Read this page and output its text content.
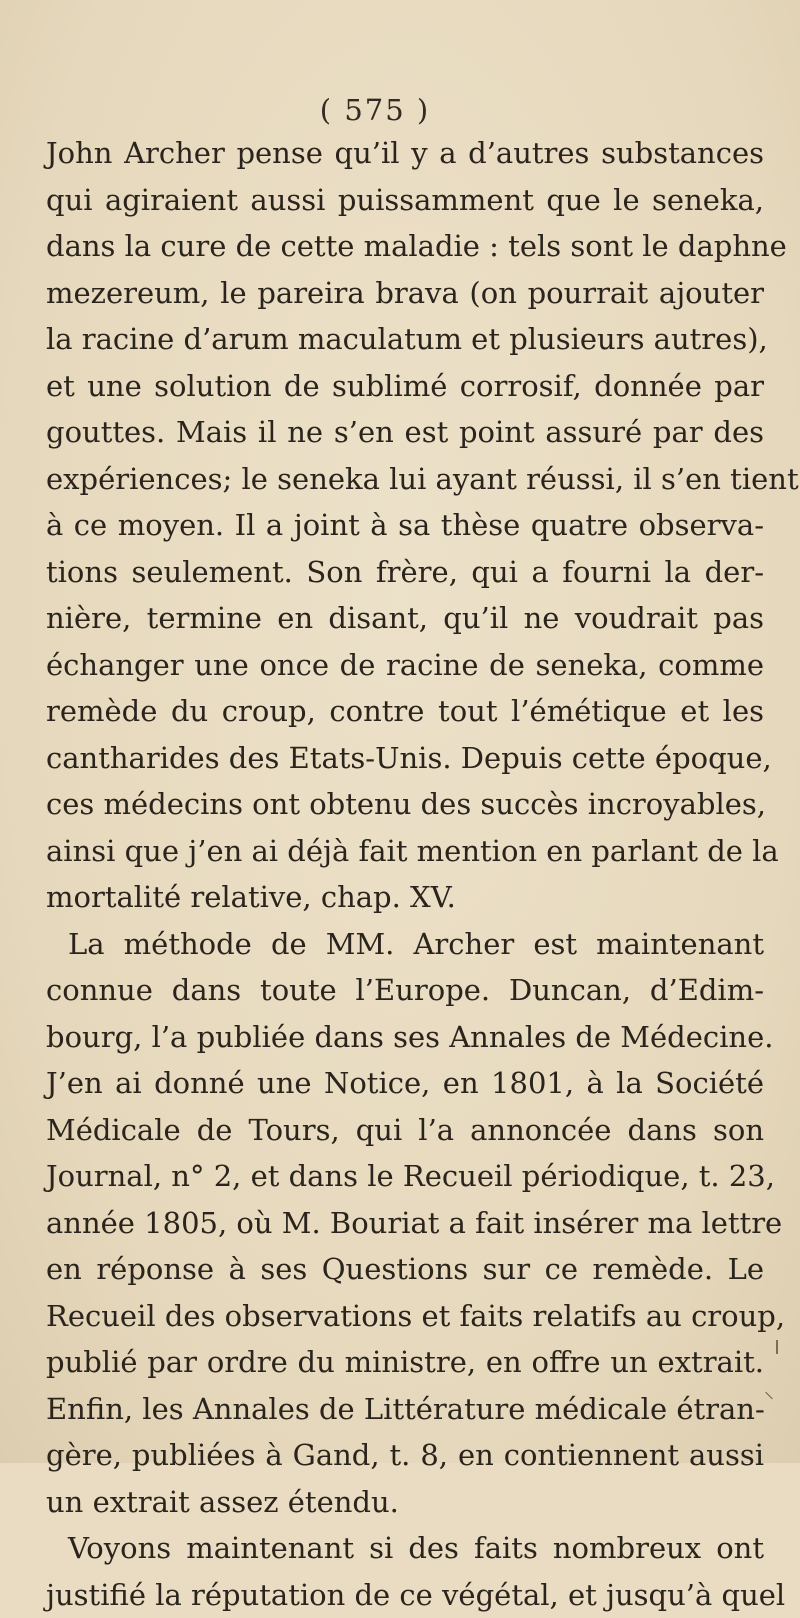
( 575 )
John Archer pense qu’il y a d’autres substances
qui agiraient aussi puissamment que le seneka,
dans la cure de cette maladie : tels sont le daphne
mezereum, le pareira brava (on pourrait ajouter
la racine d’arum maculatum et plusieurs autres),
et une solution de sublimé corrosif, donnée par
gouttes. Mais il ne s’en est point assuré par des
expériences; le seneka lui ayant réussi, il s’en tient
à ce moyen. Il a joint à sa thèse quatre observa-
tions seulement. Son frère, qui a fourni la der-
nière, termine en disant, qu’il ne voudrait pas
échanger une once de racine de seneka, comme
remède du croup, contre tout l’émétique et les
cantharides des Etats-Unis. Depuis cette époque,
ces médecins ont obtenu des succès incroyables,
ainsi que j’en ai déjà fait mention en parlant de la
mortalité relative, chap. XV.
La méthode de MM. Archer est maintenant
connue dans toute l’Europe. Duncan, d’Edim-
bourg, l’a publiée dans ses Annales de Médecine.
J’en ai donné une Notice, en 1801, à la Société
Médicale de Tours, qui l’a annoncée dans son
Journal, n° 2, et dans le Recueil périodique, t. 23,
année 1805, où M. Bouriat a fait insérer ma lettre
en réponse à ses Questions sur ce remède. Le
Recueil des observations et faits relatifs au croup,
publié par ordre du ministre, en offre un extrait.
Enfin, les Annales de Littérature médicale étran-
gère, publiées à Gand, t. 8, en contiennent aussi
un extrait assez étendu.
Voyons maintenant si des faits nombreux ont
justifié la réputation de ce végétal, et jusqu’à quel
⸌
